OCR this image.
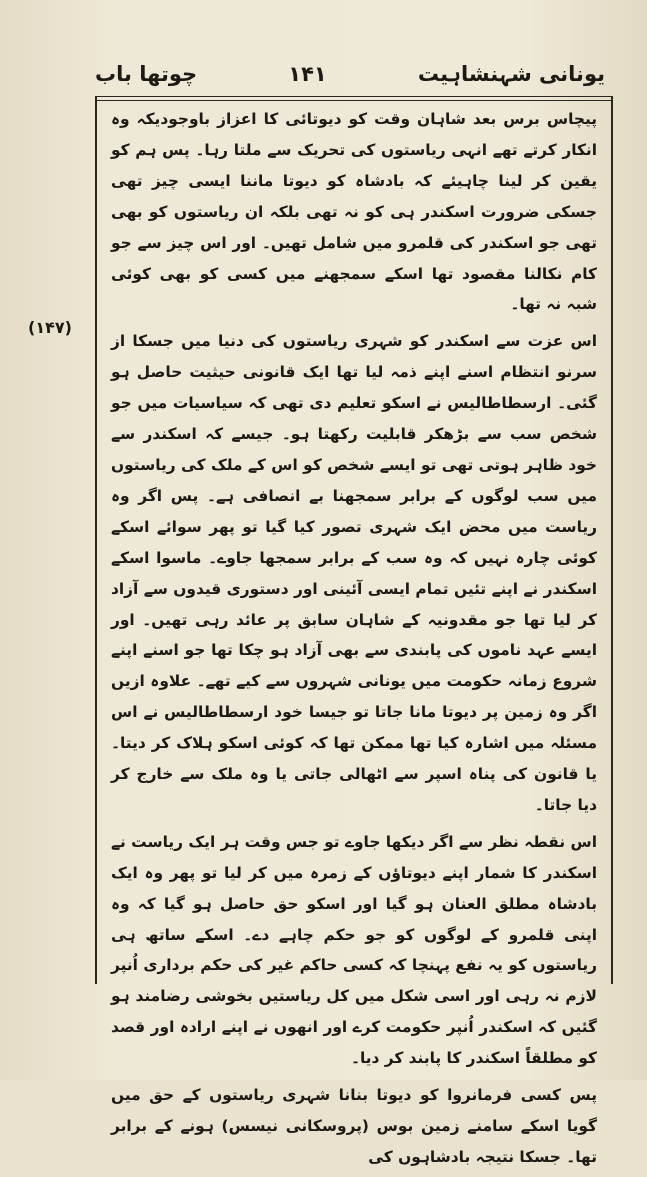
یونانی شہنشاہیت
۱۴۱
چوتھا باب
(۱۴۷)

پیچاس برس بعد شاہان وقت کو دیوتائی کا اعزاز باوجودیکہ وہ انکار کرتے تھے انہی ریاستوں کی تحریک سے ملتا رہا۔ پس ہم کو یقین کر لینا چاہیئے کہ بادشاہ کو دیوتا ماننا ایسی چیز تھی جسکی ضرورت اسکندر ہی کو نہ تھی بلکہ ان ریاستوں کو بھی تھی جو اسکندر کی قلمرو میں شامل تھیں۔ اور اس چیز سے جو کام نکالنا مقصود تھا اسکے سمجھنے میں کسی کو بھی کوئی شبہ نہ تھا۔

اس عزت سے اسکندر کو شہری ریاستوں کی دنیا میں جسکا از سرنو انتظام اسنے اپنے ذمہ لیا تھا ایک قانونی حیثیت حاصل ہو گئی۔ ارسطاطالیس نے اسکو تعلیم دی تھی کہ سیاسیات میں جو شخص سب سے بڑھکر قابلیت رکھتا ہو۔ جیسے کہ اسکندر سے خود ظاہر ہوتی تھی تو ایسے شخص کو اس کے ملک کی ریاستوں میں سب لوگوں کے برابر سمجھنا بے انصافی ہے۔ پس اگر وہ ریاست میں محض ایک شہری تصور کیا گیا تو پھر سوائے اسکے کوئی چارہ نہیں کہ وہ سب کے برابر سمجھا جاوے۔ ماسوا اسکے اسکندر نے اپنے تئیں تمام ایسی آئینی اور دستوری قیدوں سے آزاد کر لیا تھا جو مقدونیہ کے شاہان سابق پر عائد رہی تھیں۔ اور ایسے عہد ناموں کی پابندی سے بھی آزاد ہو چکا تھا جو اسنے اپنے شروع زمانہ حکومت میں یونانی شہروں سے کیے تھے۔ علاوہ ازیں اگر وہ زمین پر دیوتا مانا جاتا تو جیسا خود ارسطاطالیس نے اس مسئلہ میں اشارہ کیا تھا ممکن تھا کہ کوئی اسکو ہلاک کر دیتا۔ یا قانون کی پناہ اسپر سے اٹھالی جاتی یا وہ ملک سے خارج کر دیا جاتا۔

اس نقطہ نظر سے اگر دیکھا جاوے تو جس وقت ہر ایک ریاست نے اسکندر کا شمار اپنے دیوتاؤں کے زمرہ میں کر لیا تو پھر وہ ایک بادشاہ مطلق العنان ہو گیا اور اسکو حق حاصل ہو گیا کہ وہ اپنی قلمرو کے لوگوں کو جو حکم چاہے دے۔ اسکے ساتھ ہی ریاستوں کو یہ نفع پہنچا کہ کسی حاکم غیر کی حکم برداری اُنپر لازم نہ رہی اور اسی شکل میں کل ریاستیں بخوشی رضامند ہو گئیں کہ اسکندر اُنپر حکومت کرے اور انھوں نے اپنے ارادہ اور قصد کو مطلقاً اسکندر کا پابند کر دیا۔

پس کسی فرمانروا کو دیوتا بنانا شہری ریاستوں کے حق میں گویا اسکے سامنے زمین بوس (پروسکانی نیسس) ہونے کے برابر تھا۔ جسکا نتیجہ بادشاہوں کی
